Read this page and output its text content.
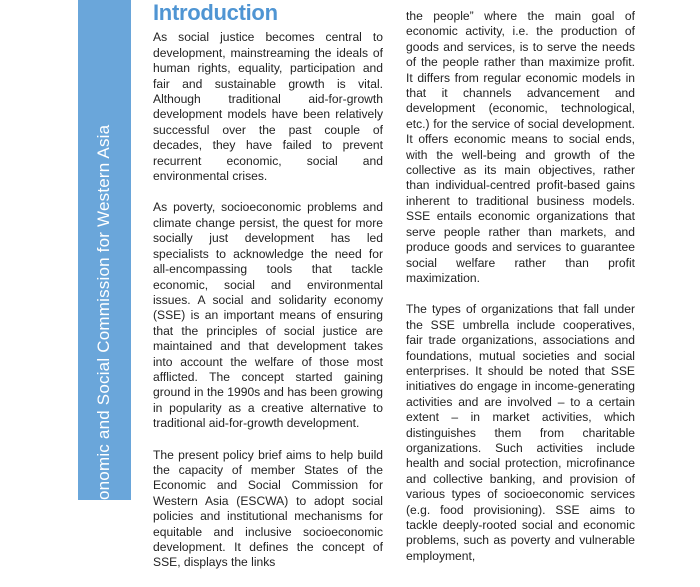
onomic and Social Commission for Western Asia
Introduction

As social justice becomes central to development, mainstreaming the ideals of human rights, equality, participation and fair and sustainable growth is vital. Although traditional aid-for-growth development models have been relatively successful over the past couple of decades, they have failed to prevent recurrent economic, social and environmental crises.

As poverty, socioeconomic problems and climate change persist, the quest for more socially just development has led specialists to acknowledge the need for all-encompassing tools that tackle economic, social and environmental issues. A social and solidarity economy (SSE) is an important means of ensuring that the principles of social justice are maintained and that development takes into account the welfare of those most afflicted. The concept started gaining ground in the 1990s and has been growing in popularity as a creative alternative to traditional aid-for-growth development.

The present policy brief aims to help build the capacity of member States of the Economic and Social Commission for Western Asia (ESCWA) to adopt social policies and institutional mechanisms for equitable and inclusive socioeconomic development. It defines the concept of SSE, displays the links

the people” where the main goal of economic activity, i.e. the production of goods and services, is to serve the needs of the people rather than maximize profit. It differs from regular economic models in that it channels advancement and development (economic, technological, etc.) for the service of social development. It offers economic means to social ends, with the well-being and growth of the collective as its main objectives, rather than individual-centred profit-based gains inherent to traditional business models. SSE entails economic organizations that serve people rather than markets, and produce goods and services to guarantee social welfare rather than profit maximization.

The types of organizations that fall under the SSE umbrella include cooperatives, fair trade organizations, associations and foundations, mutual societies and social enterprises. It should be noted that SSE initiatives do engage in income-generating activities and are involved – to a certain extent – in market activities, which distinguishes them from charitable organizations. Such activities include health and social protection, microfinance and collective banking, and provision of various types of socioeconomic services (e.g. food provisioning). SSE aims to tackle deeply-rooted social and economic problems, such as poverty and vulnerable employment,
